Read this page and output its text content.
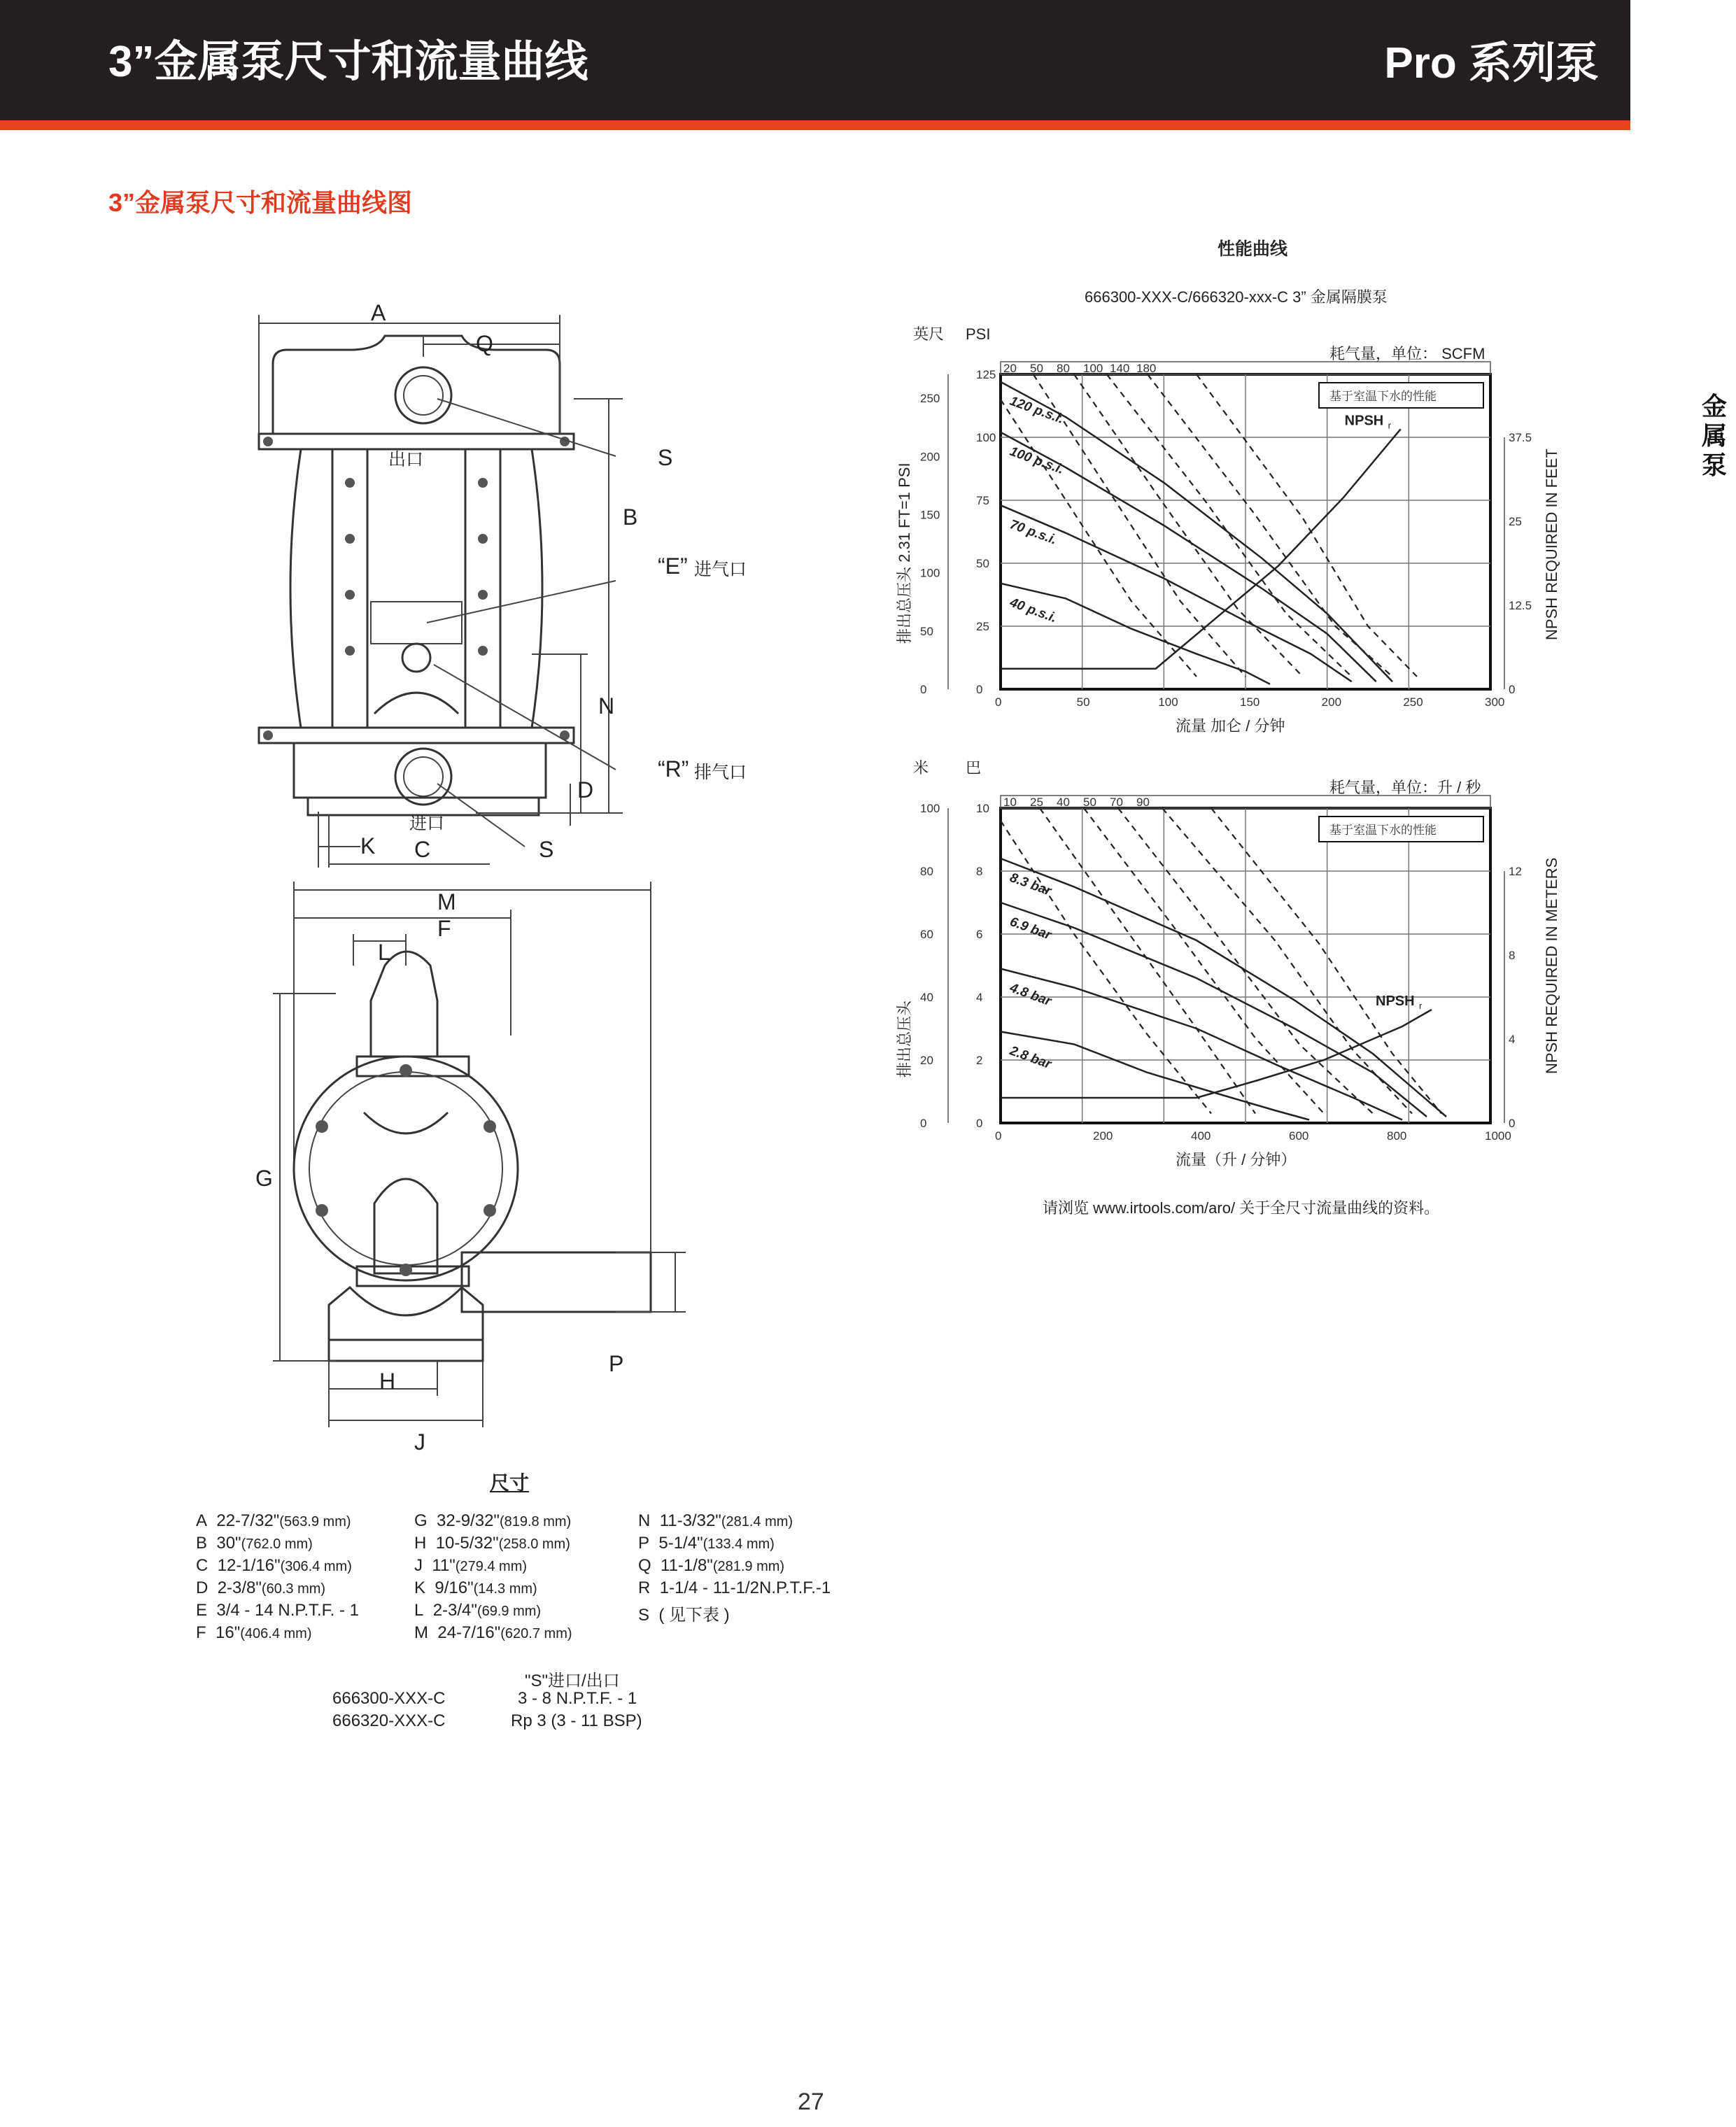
3”金属泵尺寸和流量曲线	Pro 系列泵
3”金属泵尺寸和流量曲线图
金属泵
A
Q
S
B
“E” 进气口
N
“R” 排气口
D
K C	S
出口
进口
M
F
L
G
P
H
J
尺寸
A 22-7/32"(563.9 mm)
B 30"(762.0 mm)
C 12-1/16"(306.4 mm)
D 2-3/8"(60.3 mm)
E 3/4 - 14 N.P.T.F. - 1
F 16"(406.4 mm)
G 32-9/32"(819.8 mm)
H 10-5/32"(258.0 mm)
J 11"(279.4 mm)
K 9/16"(14.3 mm)
L 2-3/4"(69.9 mm)
M 24-7/16"(620.7 mm)
N 11-3/32"(281.4 mm)
P 5-1/4"(133.4 mm)
Q 11-1/8"(281.9 mm)
R 1-1/4 - 11-1/2N.P.T.F.-1
S ( 见下表 )
"S"进口/出口
666300-XXX-C	3 - 8 N.P.T.F. - 1
666320-XXX-C	Rp 3 (3 - 11 BSP)
性能曲线
666300-XXX-C/666320-xxx-C 3” 金属隔膜泵
请浏览 www.irtools.com/aro/ 关于全尺寸流量曲线的资料。
20 50 80 100 140 180
耗气量，单位： SCFM
基于室温下水的性能
0	50	100	150	200	250	300
流量 加仑 / 分钟
0
25
50
75
100
125
0
50
100
150
200
250
英尺 PSI
排出总压头 2.31 FT=1 PSI
0
12.5
25
37.5
NPSH REQUIRED IN FEET
120 p.s.i.
100 p.s.i.
70 p.s.i.
40 p.s.i.
NPSH r
10 25 40 50 70 90
耗气量，单位：升 / 秒
基于室温下水的性能
0	200	400	600	800	1000
流量（升 / 分钟）
0
2
4
6
8
10
0
20
40
60
80
100
米 巴
排出总压头
0
4
8
12 NPSH REQUIRED IN METERS
8.3 bar
6.9 bar
4.8 bar
2.8 bar
NPSH r
27
